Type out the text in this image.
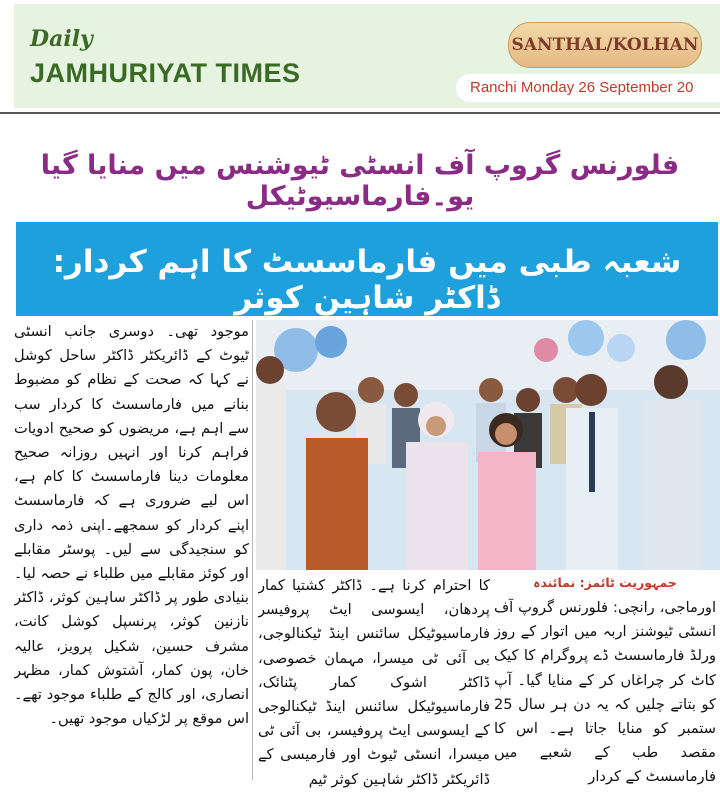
Daily
JAMHURIYAT TIMES
SANTHAL/KOLHAN
Ranchi Monday 26 September 20
فلورنس گروپ آف انسٹی ٹیوشنس میں منایا گیا یو۔فارماسیوٹیکل
شعبہ طبی میں فارماسسٹ کا اہم کردار: ڈاکٹر شاہین کوثر

موجود تھی۔ دوسری جانب انسٹی ٹیوٹ کے ڈائریکٹر ڈاکٹر ساحل کوشل نے کہا کہ صحت کے نظام کو مضبوط بنانے میں فارماسسٹ کا کردار سب سے اہم ہے، مریضوں کو صحیح ادویات فراہم کرنا اور انہیں روزانہ صحیح معلومات دینا فارماسسٹ کا کام ہے، اس لیے ضروری ہے کہ فارماسسٹ اپنے کردار کو سمجھے۔اپنی ذمہ داری کو سنجیدگی سے لیں۔ پوسٹر مقابلے اور کوئز مقابلے میں طلباء نے حصہ لیا۔بنیادی طور پر ڈاکٹر ساہین کوثر، ڈاکٹر نازنین کوثر، پرنسپل کوشل کانت، مشرف حسین، شکیل پرویز، عالیہ خان، پون کمار، آشتوش کمار، مظہر انصاری، اور کالج کے طلباء موجود تھے۔ اس موقع پر لڑکیاں موجود تھیں۔

کا احترام کرنا ہے۔ ڈاکٹر کشتیا کمار پردھان، ایسوسی ایٹ پروفیسر فارماسیوٹیکل سائنس اینڈ ٹیکنالوجی، بی آئی ٹی میسرا، مہمان خصوصی، ڈاکٹر اشوک کمار پٹنائک، فارماسیوٹیکل سائنس اینڈ ٹیکنالوجی کے ایسوسی ایٹ پروفیسر، بی آئی ٹی میسرا، انسٹی ٹیوٹ اور فارمیسی کے ڈائریکٹر ڈاکٹر شاہین کوثر ٹیم

جمہوریت ٹائمز: نمائندہ

اورماجی، رانچی: فلورنس گروپ آف انسٹی ٹیوشنز اربہ میں اتوار کے روز ورلڈ فارماسسٹ ڈے پروگرام کا کیک کاٹ کر چراغاں کر کے منایا گیا۔ آپ کو بتاتے چلیں کہ یہ دن ہر سال 25 ستمبر کو منایا جاتا ہے۔ اس کا مقصد طب کے شعبے میں فارماسسٹ کے کردار
